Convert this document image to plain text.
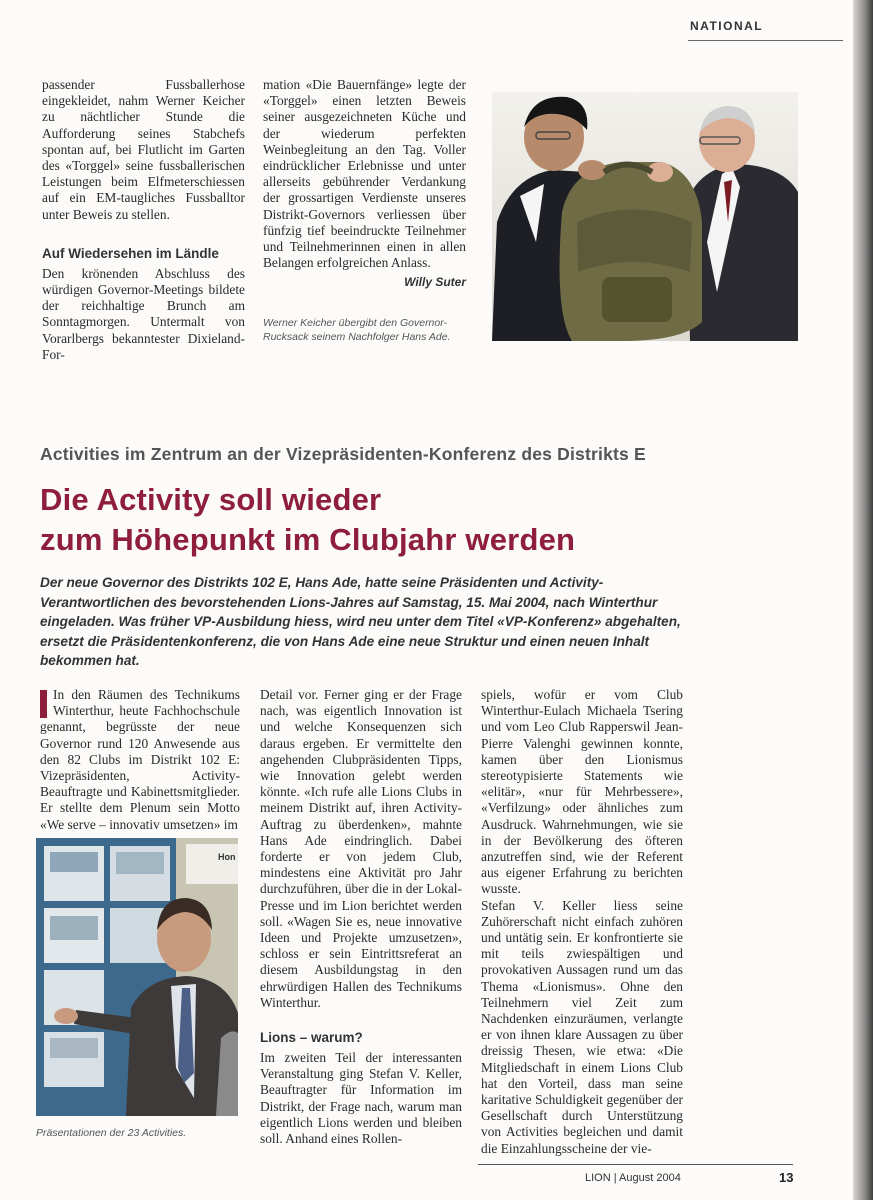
NATIONAL

passender Fussballerhose eingekleidet, nahm Werner Keicher zu nächtlicher Stunde die Aufforderung seines Stabchefs spontan auf, bei Flutlicht im Garten des «Torggel» seine fussballerischen Leistungen beim Elfmeterschiessen auf ein EM-taugliches Fussballtor unter Beweis zu stellen.

Auf Wiedersehen im Ländle

Den krönenden Abschluss des würdigen Governor-Meetings bildete der reichhaltige Brunch am Sonntagmorgen. Untermalt von Vorarlbergs bekanntester Dixieland-For-

mation «Die Bauernfänge» legte der «Torggel» einen letzten Beweis seiner ausgezeichneten Küche und der wiederum perfekten Weinbegleitung an den Tag. Voller eindrücklicher Erlebnisse und unter allerseits gebührender Verdankung der grossartigen Verdienste unseres Distrikt-Governors verliessen über fünfzig tief beeindruckte Teilnehmer und Teilnehmerinnen einen in allen Belangen erfolgreichen Anlass.

Willy Suter
Werner Keicher übergibt den Governor-Rucksack seinem Nachfolger Hans Ade.
Activities im Zentrum an der Vizepräsidenten-Konferenz des Distrikts E
Die Activity soll wieder
zum Höhepunkt im Clubjahr werden
Der neue Governor des Distrikts 102 E, Hans Ade, hatte seine Präsidenten und Activity-Verantwortlichen des bevorstehenden Lions-Jahres auf Samstag, 15. Mai 2004, nach Winterthur eingeladen. Was früher VP-Ausbildung hiess, wird neu unter dem Titel «VP-Konferenz» abgehalten, ersetzt die Präsidentenkonferenz, die von Hans Ade eine neue Struktur und einen neuen Inhalt bekommen hat.

In den Räumen des Technikums Winterthur, heute Fachhochschule genannt, begrüsste der neue Governor rund 120 Anwesende aus den 82 Clubs im Distrikt 102 E: Vizepräsidenten, Activity-Beauftragte und Kabinettsmitglieder. Er stellte dem Plenum sein Motto «We serve – innovativ umsetzen» im

Hon
Präsentationen der 23 Activities.

Detail vor. Ferner ging er der Frage nach, was eigentlich Innovation ist und welche Konsequenzen sich daraus ergeben. Er vermittelte den angehenden Clubpräsidenten Tipps, wie Innovation gelebt werden könnte. «Ich rufe alle Lions Clubs in meinem Distrikt auf, ihren Activity-Auftrag zu überdenken», mahnte Hans Ade eindringlich. Dabei forderte er von jedem Club, mindestens eine Aktivität pro Jahr durchzuführen, über die in der Lokal-Presse und im Lion berichtet werden soll. «Wagen Sie es, neue innovative Ideen und Projekte umzusetzen», schloss er sein Eintrittsreferat an diesem Ausbildungstag in den ehrwürdigen Hallen des Technikums Winterthur.

Lions – warum?

Im zweiten Teil der interessanten Veranstaltung ging Stefan V. Keller, Beauftragter für Information im Distrikt, der Frage nach, warum man eigentlich Lions werden und bleiben soll. Anhand eines Rollen-

spiels, wofür er vom Club Winterthur-Eulach Michaela Tsering und vom Leo Club Rapperswil Jean-Pierre Valenghi gewinnen konnte, kamen über den Lionismus stereotypisierte Statements wie «elitär», «nur für Mehrbessere», «Verfilzung» oder ähnliches zum Ausdruck. Wahrnehmungen, wie sie in der Bevölkerung des öfteren anzutreffen sind, wie der Referent aus eigener Erfahrung zu berichten wusste.

Stefan V. Keller liess seine Zuhörerschaft nicht einfach zuhören und untätig sein. Er konfrontierte sie mit teils zwiespältigen und provokativen Aussagen rund um das Thema «Lionismus». Ohne den Teilnehmern viel Zeit zum Nachdenken einzuräumen, verlangte er von ihnen klare Aussagen zu über dreissig Thesen, wie etwa: «Die Mitgliedschaft in einem Lions Club hat den Vorteil, dass man seine karitative Schuldigkeit gegenüber der Gesellschaft durch Unterstützung von Activities begleichen und damit die Einzahlungsscheine der vie-

LION | August 2004	13
